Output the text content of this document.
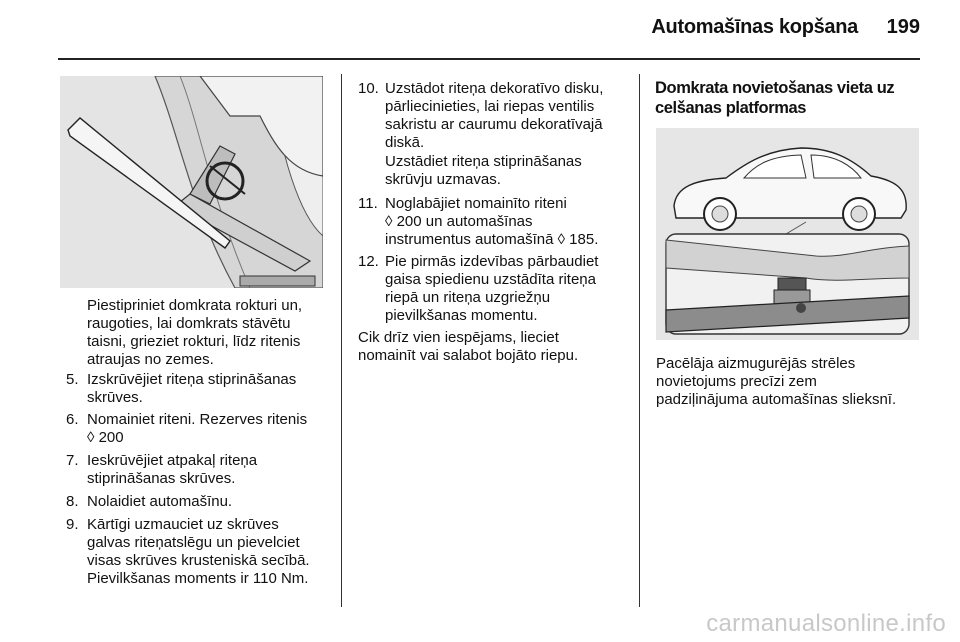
Automašīnas kopšana 199
Piestipriniet domkrata rokturi un,
raugoties, lai domkrats stāvētu
taisni, grieziet rokturi, līdz ritenis
atraujas no zemes.
5. Izskrūvējiet riteņa stiprināšanas
skrūves.
6. Nomainiet riteni. Rezerves ritenis
◊ 200
7. Ieskrūvējiet atpakaļ riteņa
stiprināšanas skrūves.
8. Nolaidiet automašīnu.
9. Kārtīgi uzmauciet uz skrūves
galvas riteņatslēgu un pievelciet
visas skrūves krusteniskā secībā.
Pievilkšanas moments ir 110 Nm.
10. Uzstādot riteņa dekoratīvo disku,
pārliecinieties, lai riepas ventilis
sakristu ar caurumu dekoratīvajā
diskā.
Uzstādiet riteņa stiprināšanas
skrūvju uzmavas.
11. Noglabājiet nomainīto riteni
◊ 200 un automašīnas
instrumentus automašīnā ◊ 185.
12. Pie pirmās izdevības pārbaudiet
gaisa spiedienu uzstādīta riteņa
riepā un riteņa uzgriežņu
pievilkšanas momentu.
Cik drīz vien iespējams, lieciet
nomainīt vai salabot bojāto riepu.
Domkrata novietošanas vieta uz
celšanas platformas
Pacēlāja aizmugurējās strēles
novietojums precīzi zem
padziļinājuma automašīnas slieksnī.
carmanualsonline.info
